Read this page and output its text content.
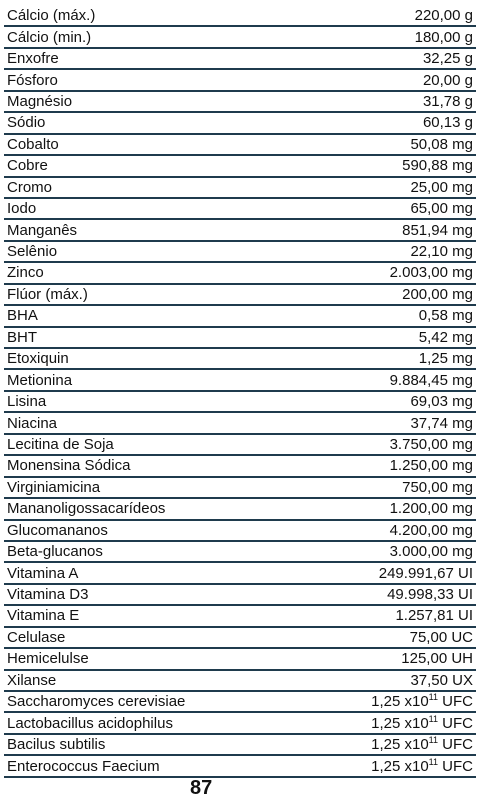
Cálcio (máx.)	220,00 g
Cálcio (min.)	180,00 g
Enxofre	32,25 g
Fósforo	20,00 g
Magnésio	31,78 g
Sódio	60,13 g
Cobalto	50,08 mg
Cobre	590,88 mg
Cromo	25,00 mg
Iodo	65,00 mg
Manganês	851,94 mg
Selênio	22,10 mg
Zinco	2.003,00 mg
Flúor (máx.)	200,00 mg
BHA	0,58 mg
BHT	5,42 mg
Etoxiquin	1,25 mg
Metionina	9.884,45 mg
Lisina	69,03 mg
Niacina	37,74 mg
Lecitina de Soja	3.750,00 mg
Monensina Sódica	1.250,00 mg
Virginiamicina	750,00 mg
Mananoligossacarídeos	1.200,00 mg
Glucomananos	4.200,00 mg
Beta-glucanos	3.000,00 mg
Vitamina A	249.991,67 UI
Vitamina D3	49.998,33 UI
Vitamina E	1.257,81 UI
Celulase	75,00 UC
Hemicelulse	125,00 UH
Xilanse	37,50 UX
Saccharomyces cerevisiae	1,25 $x10^{11}$ UFC
Lactobacillus acidophilus	1,25 $x10^{11}$ UFC
Bacilus subtilis	1,25 $x10^{11}$ UFC
Enterococcus Faecium	1,25 $x10^{11}$ UFC
87
